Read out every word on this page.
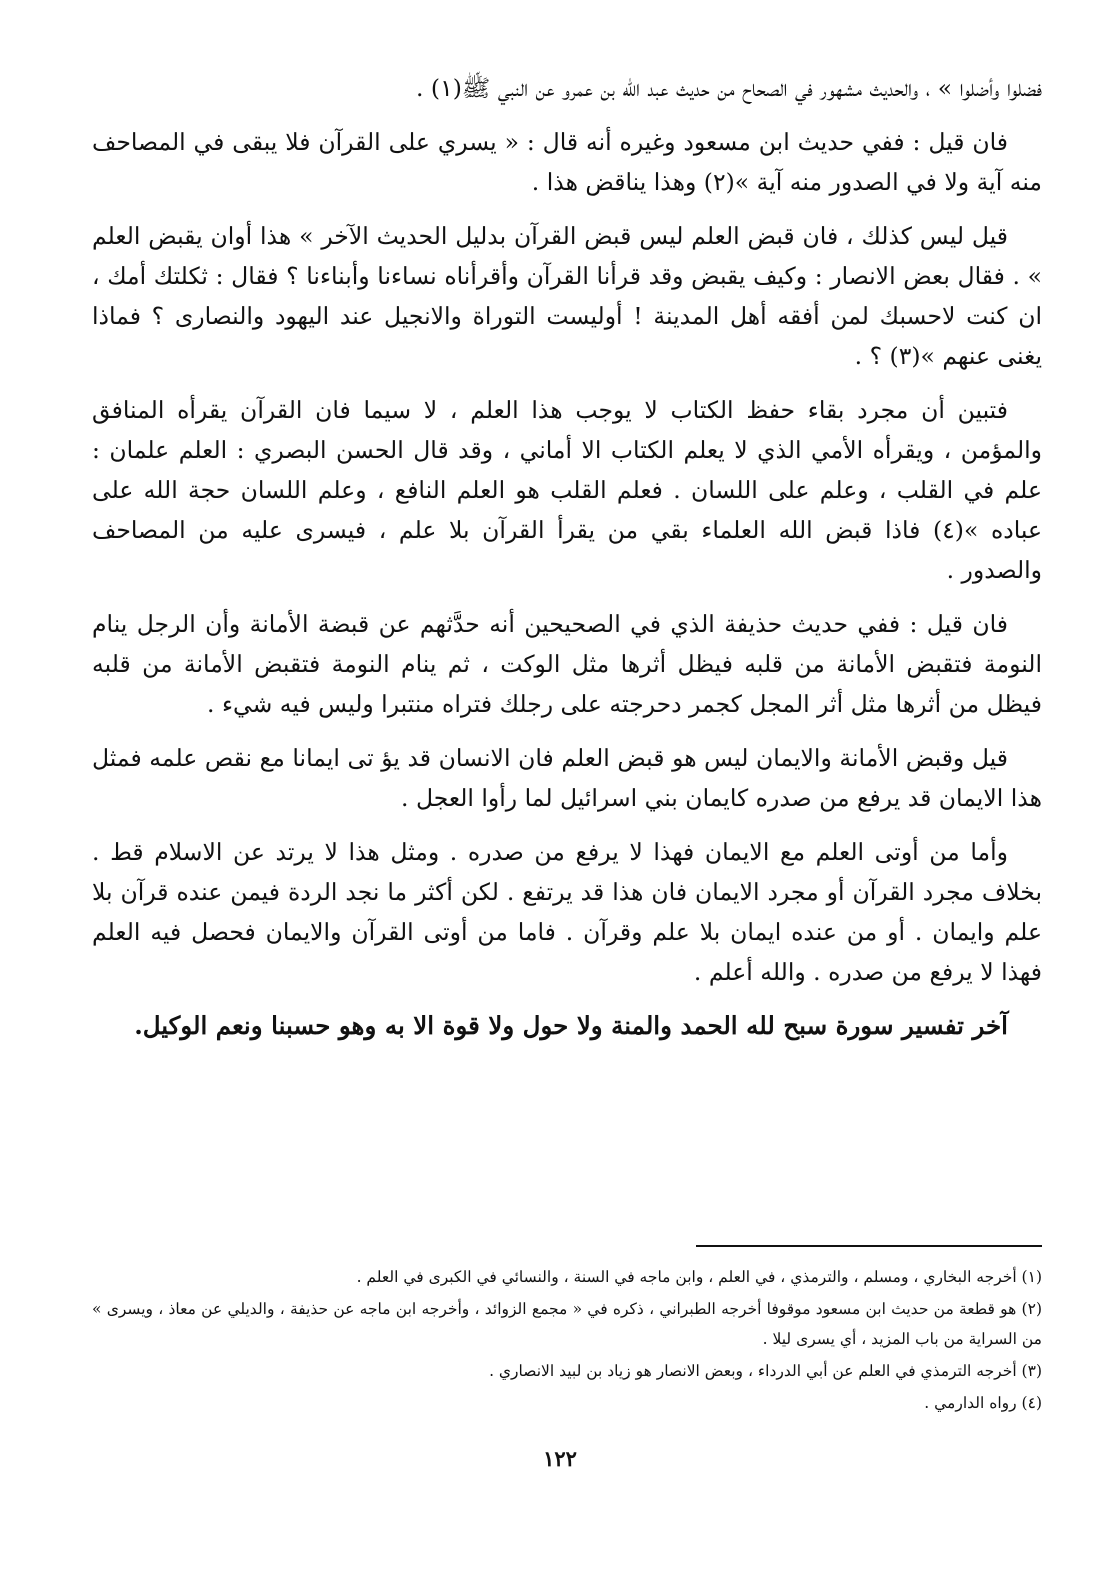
فضلوا وأضلوا » ، والحديث مشهور في الصحاح من حديث عبد الله بن عمرو عن النبي ﷺ(١) .

فان قيل : ففي حديث ابن مسعود وغيره أنه قال : « يسري على القرآن فلا يبقى في المصاحف منه آية ولا في الصدور منه آية »(٢) وهذا يناقض هذا .

قيل ليس كذلك ، فان قبض العلم ليس قبض القرآن بدليل الحديث الآخر » هذا أوان يقبض العلم » . فقال بعض الانصار : وكيف يقبض وقد قرأنا القرآن وأقرأناه نساءنا وأبناءنا ؟ فقال : ثكلتك أمك ، ان كنت لاحسبك لمن أفقه أهل المدينة ! أوليست التوراة والانجيل عند اليهود والنصارى ؟ فماذا يغنى عنهم »(٣) ؟ .

فتبين أن مجرد بقاء حفظ الكتاب لا يوجب هذا العلم ، لا سيما فان القرآن يقرأه المنافق والمؤمن ، ويقرأه الأمي الذي لا يعلم الكتاب الا أماني ، وقد قال الحسن البصري : العلم علمان : علم في القلب ، وعلم على اللسان . فعلم القلب هو العلم النافع ، وعلم اللسان حجة الله على عباده »(٤) فاذا قبض الله العلماء بقي من يقرأ القرآن بلا علم ، فيسرى عليه من المصاحف والصدور .

فان قيل : ففي حديث حذيفة الذي في الصحيحين أنه حدَّثهم عن قبضة الأمانة وأن الرجل ينام النومة فتقبض الأمانة من قلبه فيظل أثرها مثل الوكت ، ثم ينام النومة فتقبض الأمانة من قلبه فيظل من أثرها مثل أثر المجل كجمر دحرجته على رجلك فتراه منتبرا وليس فيه شيء .

قيل وقبض الأمانة والايمان ليس هو قبض العلم فان الانسان قد يؤ تى ايمانا مع نقص علمه فمثل هذا الايمان قد يرفع من صدره كايمان بني اسرائيل لما رأوا العجل .

وأما من أوتى العلم مع الايمان فهذا لا يرفع من صدره . ومثل هذا لا يرتد عن الاسلام قط . بخلاف مجرد القرآن أو مجرد الايمان فان هذا قد يرتفع . لكن أكثر ما نجد الردة فيمن عنده قرآن بلا علم وايمان . أو من عنده ايمان بلا علم وقرآن . فاما من أوتى القرآن والايمان فحصل فيه العلم فهذا لا يرفع من صدره . والله أعلم .

آخر تفسير سورة سبح لله الحمد والمنة ولا حول ولا قوة الا به وهو حسبنا ونعم الوكيل.

(١) أخرجه البخاري ، ومسلم ، والترمذي ، في العلم ، وابن ماجه في السنة ، والنسائي في الكبرى في العلم .

(٢) هو قطعة من حديث ابن مسعود موقوفا أخرجه الطبراني ، ذكره في « مجمع الزوائد ، وأخرجه ابن ماجه عن حذيفة ، والديلي عن معاذ ، ويسرى » من السراية من باب المزيد ، أي يسرى ليلا .

(٣) أخرجه الترمذي في العلم عن أبي الدرداء ، وبعض الانصار هو زياد بن لبيد الانصاري .

(٤) رواه الدارمي .

١٢٢
